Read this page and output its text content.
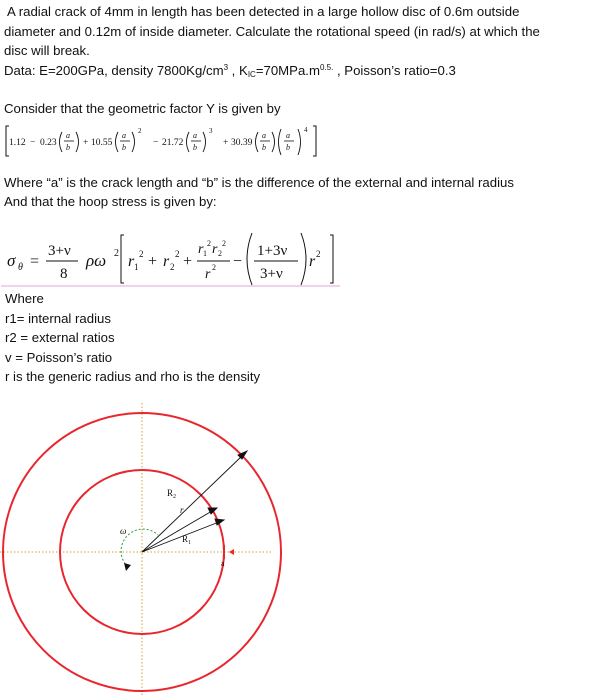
A radial crack of 4mm in length has been detected in a large hollow disc of 0.6m outside
diameter and 0.12m of inside diameter. Calculate the rotational speed (in rad/s) at which the
disc will break.
Data: E=200GPa, density $7800Kg/cm^3$ , $K_{IC}=70MPa.m^{0.5.}$ , Poisson’s ratio=0.3
Consider that the geometric factor Y is given by
1.12 − 0.23	+ 10.55	− 21.72	+ 30.39
a
b
a
b
a
b
a
b
a
b
2	3	4
Where “a” is the crack length and “b” is the difference of the external and internal radius
And that the hoop stress is given by:
σ θ =
3+ν
8
ρω 2 r 1
2 + r 2
2 +
r 1
2 r 2
2
r 2 −
1+3ν
3+ν
r 2
Where
r1= internal radius
r2 = external ratios
v = Poisson’s ratio
r is the generic radius and rho is the density
R 2
r
R 1
ω
a
